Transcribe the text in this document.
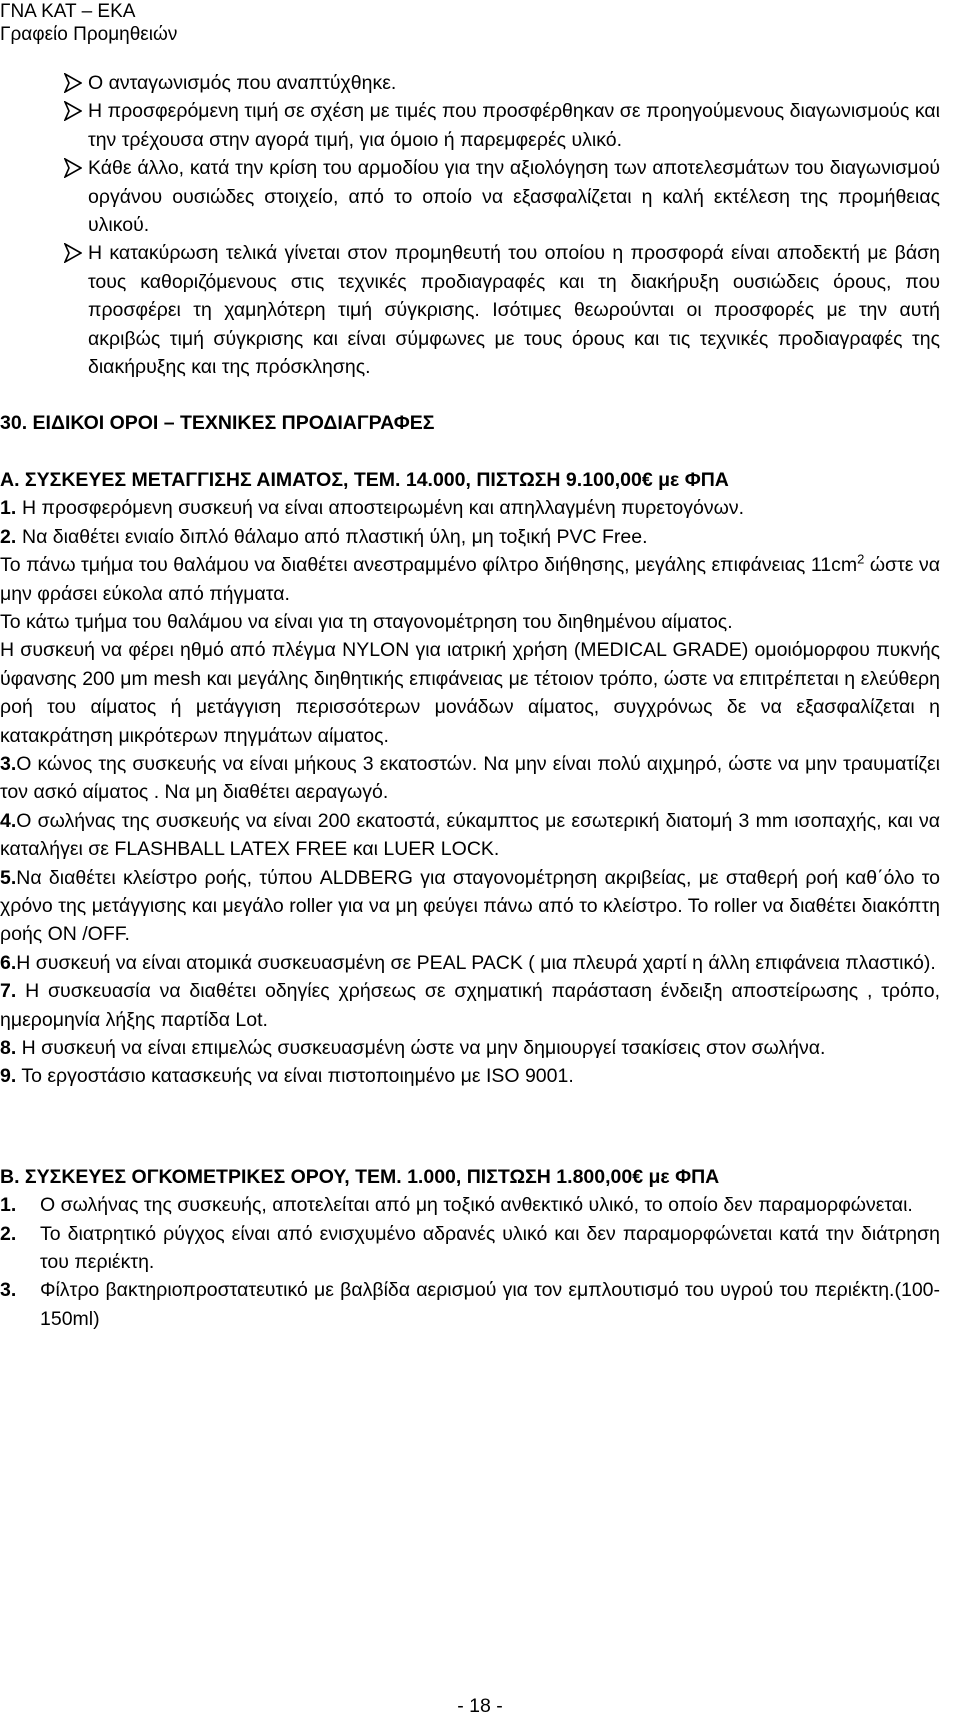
ΓΝΑ ΚΑΤ – ΕΚΑ
Γραφείο Προμηθειών
Ο ανταγωνισμός που αναπτύχθηκε.
Η προσφερόμενη τιμή σε σχέση με τιμές που προσφέρθηκαν σε προηγούμενους διαγωνισμούς και την τρέχουσα στην αγορά τιμή, για όμοιο ή παρεμφερές υλικό.
Κάθε άλλο, κατά την κρίση του αρμοδίου για την αξιολόγηση των αποτελεσμάτων του διαγωνισμού οργάνου ουσιώδες στοιχείο, από το οποίο να εξασφαλίζεται η καλή εκτέλεση της προμήθειας υλικού.
Η κατακύρωση τελικά γίνεται στον προμηθευτή του οποίου η προσφορά είναι αποδεκτή με βάση τους καθοριζόμενους στις τεχνικές προδιαγραφές και τη διακήρυξη ουσιώδεις όρους, που προσφέρει τη χαμηλότερη τιμή σύγκρισης. Ισότιμες θεωρούνται οι προσφορές με την αυτή ακριβώς τιμή σύγκρισης και είναι σύμφωνες με τους όρους και τις τεχνικές προδιαγραφές της διακήρυξης και της πρόσκλησης.
30. ΕΙΔΙΚΟΙ ΟΡΟΙ – ΤΕΧΝΙΚΕΣ ΠΡΟΔΙΑΓΡΑΦΕΣ
Α. ΣΥΣΚΕΥΕΣ ΜΕΤΑΓΓΙΣΗΣ ΑΙΜΑΤΟΣ, ΤΕΜ. 14.000, ΠΙΣΤΩΣΗ 9.100,00€ με ΦΠΑ
1. Η προσφερόμενη συσκευή να είναι αποστειρωμένη και απηλλαγμένη πυρετογόνων.
2. Να διαθέτει ενιαίο διπλό θάλαμο από πλαστική ύλη, μη τοξική PVC Free.
Το πάνω τμήμα του θαλάμου να διαθέτει ανεστραμμένο φίλτρο διήθησης, μεγάλης επιφάνειας $11cm^2$ ώστε να μην φράσει εύκολα από πήγματα.
Το κάτω τμήμα του θαλάμου να είναι για τη σταγονομέτρηση του διηθημένου αίματος.
Η συσκευή να φέρει ηθμό από πλέγμα NYLON για ιατρική χρήση (MEDICAL GRADE) ομοιόμορφου πυκνής ύφανσης 200 μm mesh και μεγάλης διηθητικής επιφάνειας με τέτοιον τρόπο, ώστε να επιτρέπεται η ελεύθερη ροή του αίματος ή μετάγγιση περισσότερων μονάδων αίματος, συγχρόνως δε να εξασφαλίζεται η κατακράτηση μικρότερων πηγμάτων αίματος.
3.Ο κώνος της συσκευής να είναι μήκους 3 εκατοστών. Να μην είναι πολύ αιχμηρό, ώστε να μην τραυματίζει τον ασκό αίματος . Να μη διαθέτει αεραγωγό.
4.Ο σωλήνας της συσκευής να είναι 200 εκατοστά, εύκαμπτος με εσωτερική διατομή 3 mm ισοπαχής, και να καταλήγει σε FLASHBALL LATEX FREE και LUER LOCK.
5.Να διαθέτει κλείστρο ροής, τύπου ALDBERG για σταγονομέτρηση ακριβείας, με σταθερή ροή καθ΄όλο το χρόνο της μετάγγισης και μεγάλο roller για να μη φεύγει πάνω από το κλείστρο. Το roller να διαθέτει διακόπτη ροής ON /OFF.
6.Η συσκευή να είναι ατομικά συσκευασμένη σε PEAL PACK ( μια πλευρά χαρτί η άλλη επιφάνεια πλαστικό).
7. Η συσκευασία να διαθέτει οδηγίες χρήσεως σε σχηματική παράσταση ένδειξη αποστείρωσης , τρόπο, ημερομηνία λήξης παρτίδα Lot.
8. Η συσκευή να είναι επιμελώς συσκευασμένη ώστε να μην δημιουργεί τσακίσεις στον σωλήνα.
9. Το εργοστάσιο κατασκευής να είναι πιστοποιημένο με ISO 9001.
Β. ΣΥΣΚΕΥΕΣ ΟΓΚΟΜΕΤΡΙΚΕΣ ΟΡΟΥ, ΤΕΜ. 1.000, ΠΙΣΤΩΣΗ 1.800,00€ με ΦΠΑ
1. Ο σωλήνας της συσκευής, αποτελείται από μη τοξικό ανθεκτικό υλικό, το οποίο δεν παραμορφώνεται.
2. Το διατρητικό ρύγχος είναι από ενισχυμένο αδρανές υλικό και δεν παραμορφώνεται κατά την διάτρηση του περιέκτη.
3. Φίλτρο βακτηριοπροστατευτικό με βαλβίδα αερισμού για τον εμπλουτισμό του υγρού του περιέκτη.(100-150ml)
- 18 -
